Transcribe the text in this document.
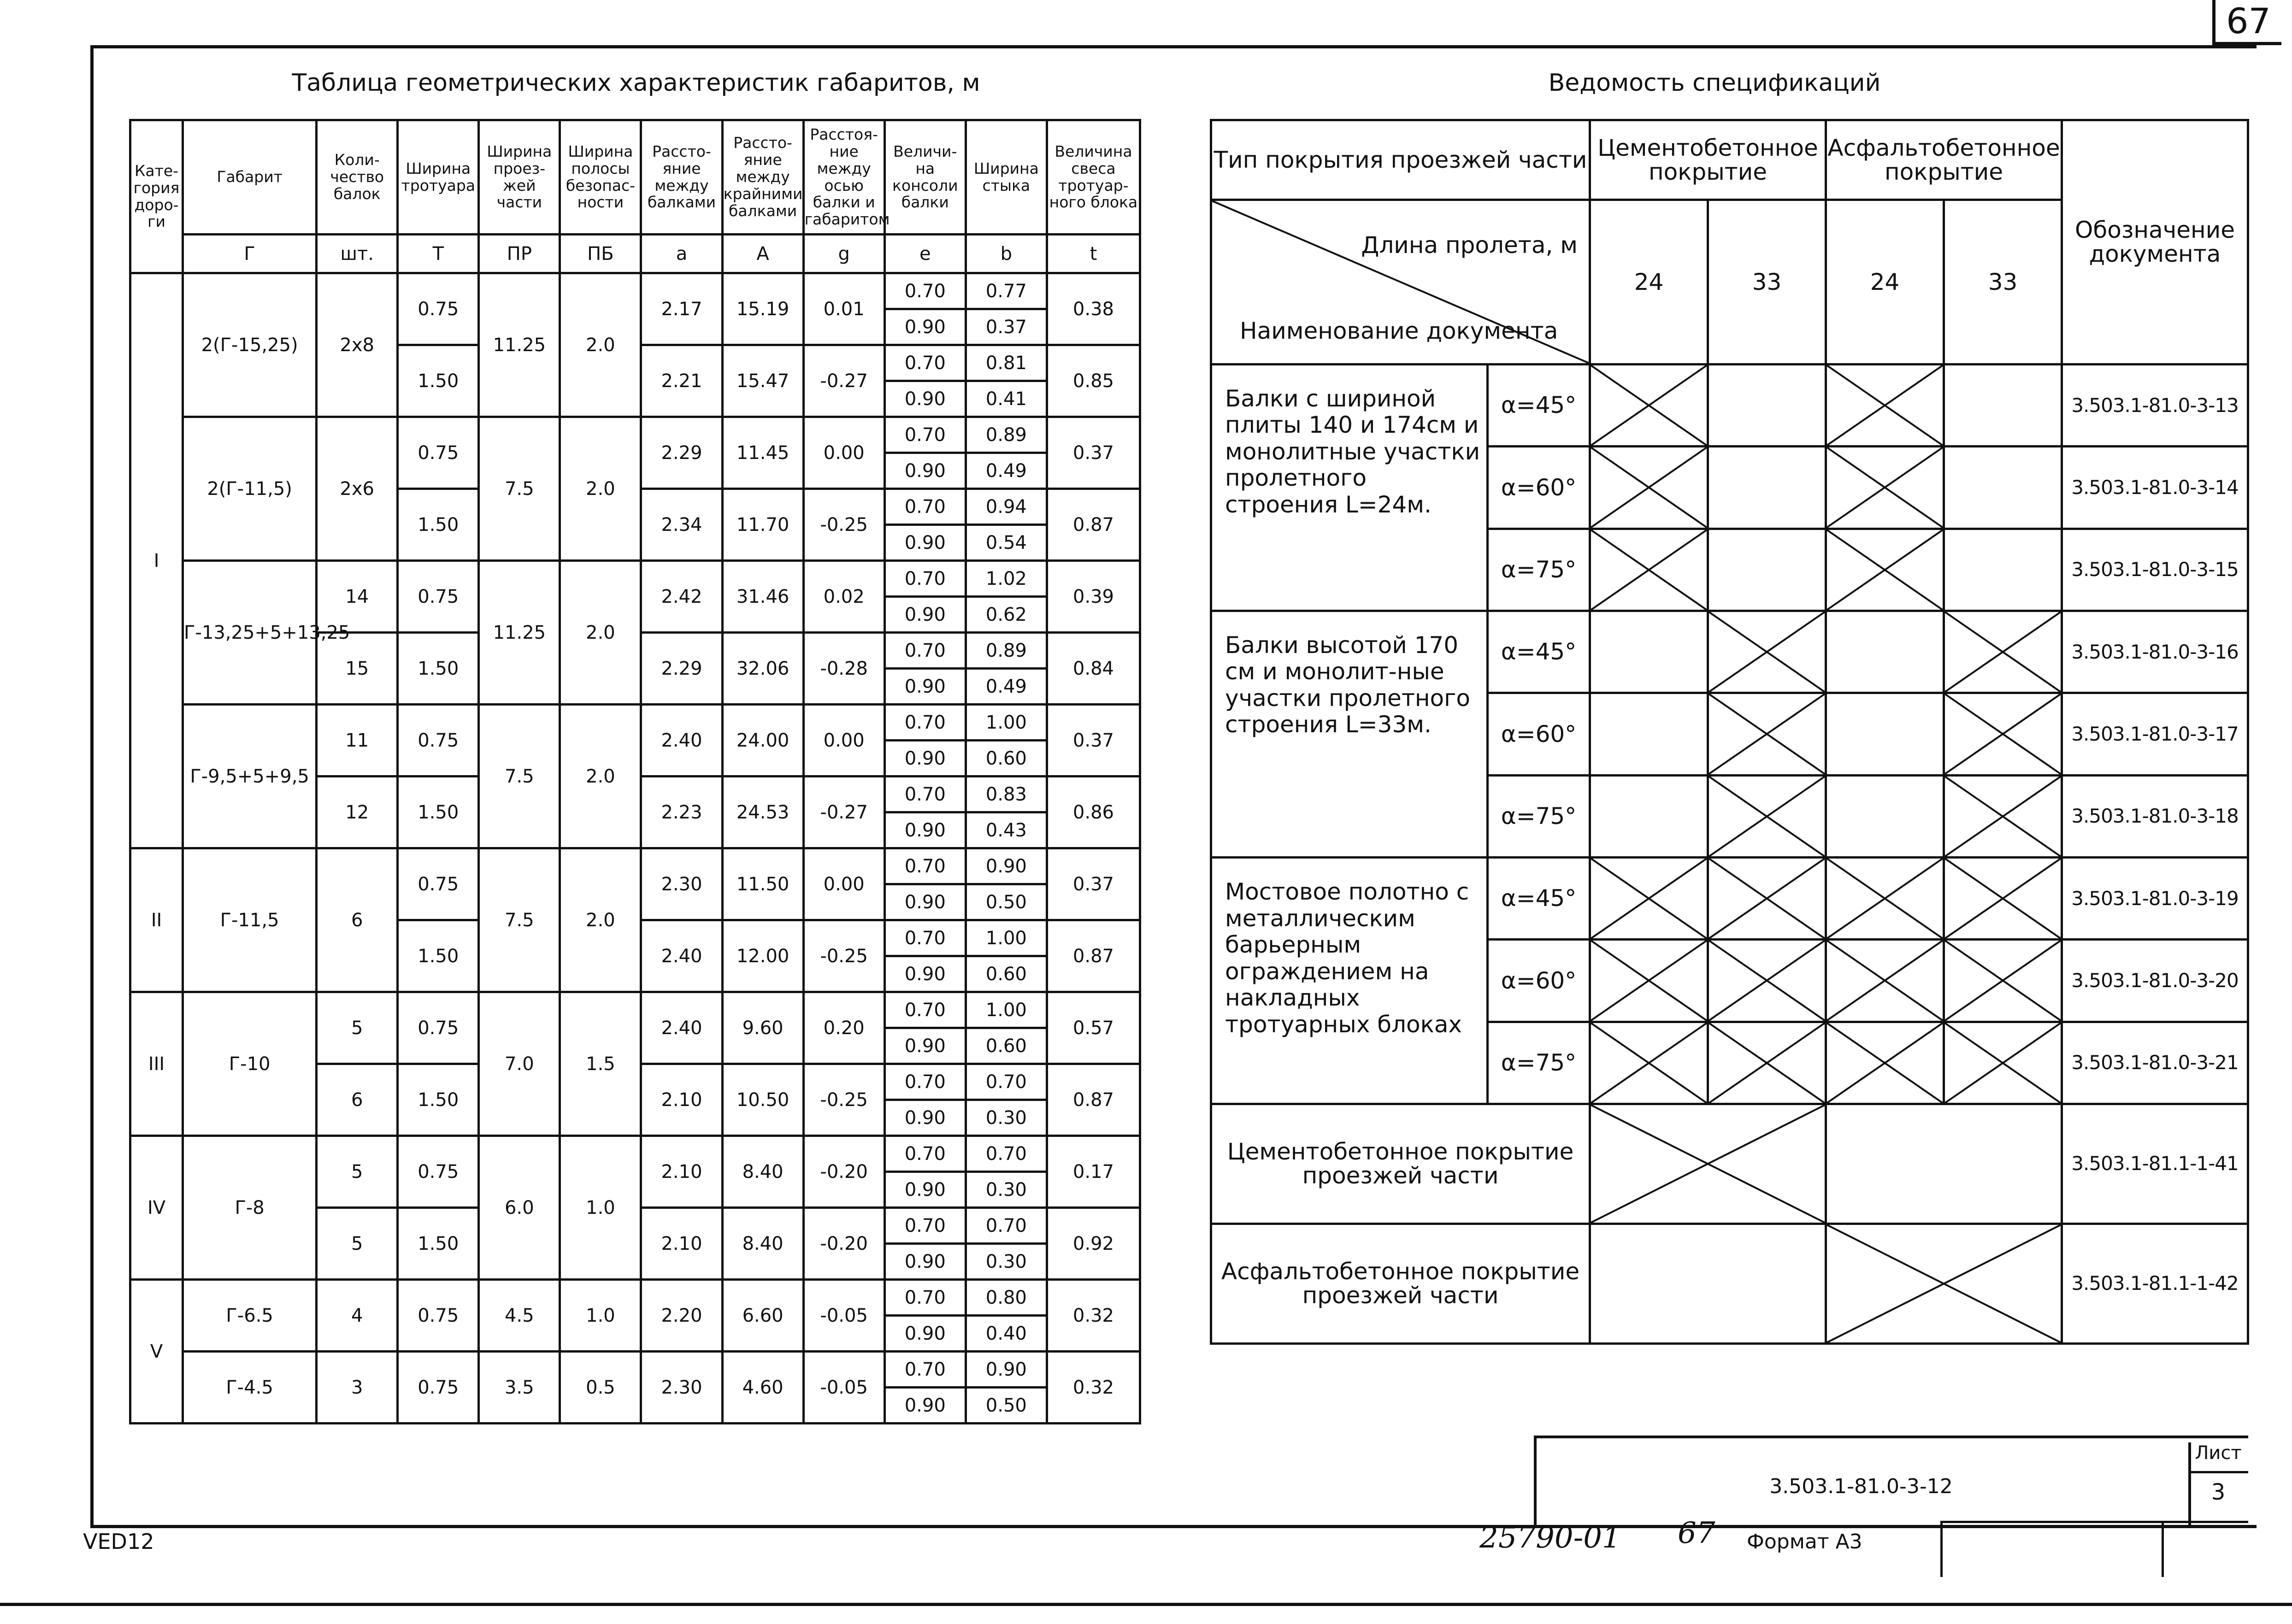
67
Таблица геометрических характеристик габаритов, м	Ведомость спецификаций
Кате-гория доро-ги	Габарит	Коли-чество балок	Ширина тротуара	Ширина проез-жей части	Ширина полосы безопас-ности	Рассто-яние между балками	Рассто-яние между крайними балками	Расстоя-ние между осью балки и габаритом	Величи-на консоли балки	Ширина стыка	Величина свеса тротуар-ного блока
	Г	шт.	Т	ПР	ПБ	a	A	g	e	b	t
I	2(Г-15,25)	2x8	0.75	11.25	2.0	2.17	15.19	0.01	0.70	0.77	0.38
									0.90	0.37	
			1.50			2.21	15.47	-0.27	0.70	0.81	0.85
									0.90	0.41	
	2(Г-11,5)	2x6	0.75	7.5	2.0	2.29	11.45	0.00	0.70	0.89	0.37
									0.90	0.49	
			1.50			2.34	11.70	-0.25	0.70	0.94	0.87
									0.90	0.54	
	Г-13,25+5+13,25	14	0.75	11.25	2.0	2.42	31.46	0.02	0.70	1.02	0.39
									0.90	0.62	
		15	1.50			2.29	32.06	-0.28	0.70	0.89	0.84
									0.90	0.49	
	Г-9,5+5+9,5	11	0.75	7.5	2.0	2.40	24.00	0.00	0.70	1.00	0.37
									0.90	0.60	
		12	1.50			2.23	24.53	-0.27	0.70	0.83	0.86
									0.90	0.43	
II	Г-11,5	6	0.75	7.5	2.0	2.30	11.50	0.00	0.70	0.90	0.37
									0.90	0.50	
			1.50			2.40	12.00	-0.25	0.70	1.00	0.87
									0.90	0.60	
III	Г-10	5	0.75	7.0	1.5	2.40	9.60	0.20	0.70	1.00	0.57
									0.90	0.60	
		6	1.50			2.10	10.50	-0.25	0.70	0.70	0.87
									0.90	0.30	
IV	Г-8	5	0.75	6.0	1.0	2.10	8.40	-0.20	0.70	0.70	0.17
									0.90	0.30	
		5	1.50			2.10	8.40	-0.20	0.70	0.70	0.92
									0.90	0.30	
V	Г-6.5	4	0.75	4.5	1.0	2.20	6.60	-0.05	0.70	0.80	0.32
									0.90	0.40	
	Г-4.5	3	0.75	3.5	0.5	2.30	4.60	-0.05	0.70	0.90	0.32
									0.90	0.50	
Тип покрытия проезжей части		Цементобетонное покрытие		Асфальтобетонное покрытие		Обозначение документа

Длина пролета, м
Наименование документа		24	33	24	33	
Балки с шириной плиты 140 и 174см и монолитные участки пролетного строения L=24м.	α=45°					3.503.1-81.0-3-13
	α=60°					3.503.1-81.0-3-14
	α=75°					3.503.1-81.0-3-15
Балки высотой 170 см и монолит-ные участки пролетного строения L=33м.	α=45°					3.503.1-81.0-3-16
	α=60°					3.503.1-81.0-3-17
	α=75°					3.503.1-81.0-3-18
Мостовое полотно с металлическим барьерным ограждением на накладных тротуарных блоках	α=45°					3.503.1-81.0-3-19
	α=60°					3.503.1-81.0-3-20
	α=75°					3.503.1-81.0-3-21
Цементобетонное покрытие проезжей части						3.503.1-81.1-1-41
Асфальтобетонное покрытие проезжей части						3.503.1-81.1-1-42
3.503.1-81.0-3-12
Лист
3
VED12	25790-01 67 Формат А3
